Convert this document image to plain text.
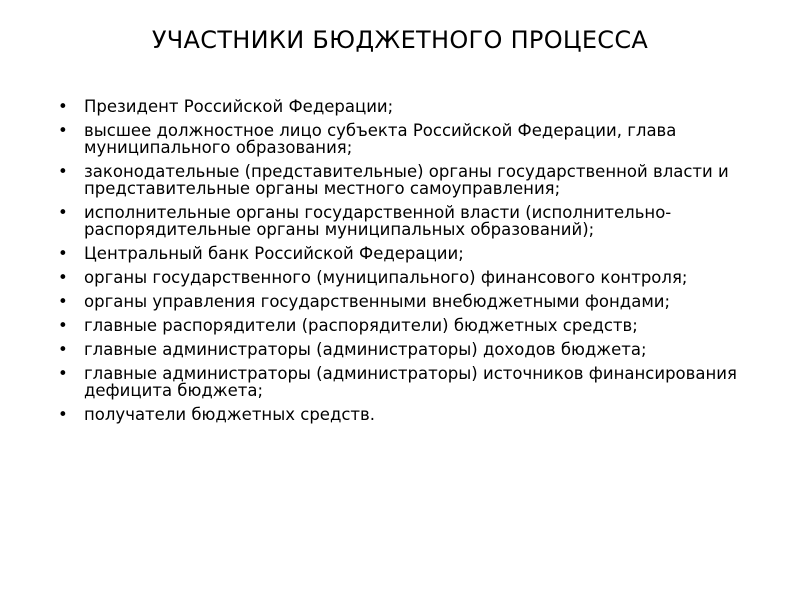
УЧАСТНИКИ БЮДЖЕТНОГО ПРОЦЕССА
• Президент Российской Федерации;
• высшее должностное лицо субъекта Российской Федерации, глава муниципального образования;
• законодательные (представительные) органы государственной власти и представительные органы местного самоуправления;
• исполнительные органы государственной власти (исполнительно-распорядительные органы муниципальных образований);
• Центральный банк Российской Федерации;
• органы государственного (муниципального) финансового контроля;
• органы управления государственными внебюджетными фондами;
• главные распорядители (распорядители) бюджетных средств;
• главные администраторы (администраторы) доходов бюджета;
• главные администраторы (администраторы) источников финансирования дефицита бюджета;
• получатели бюджетных средств.
